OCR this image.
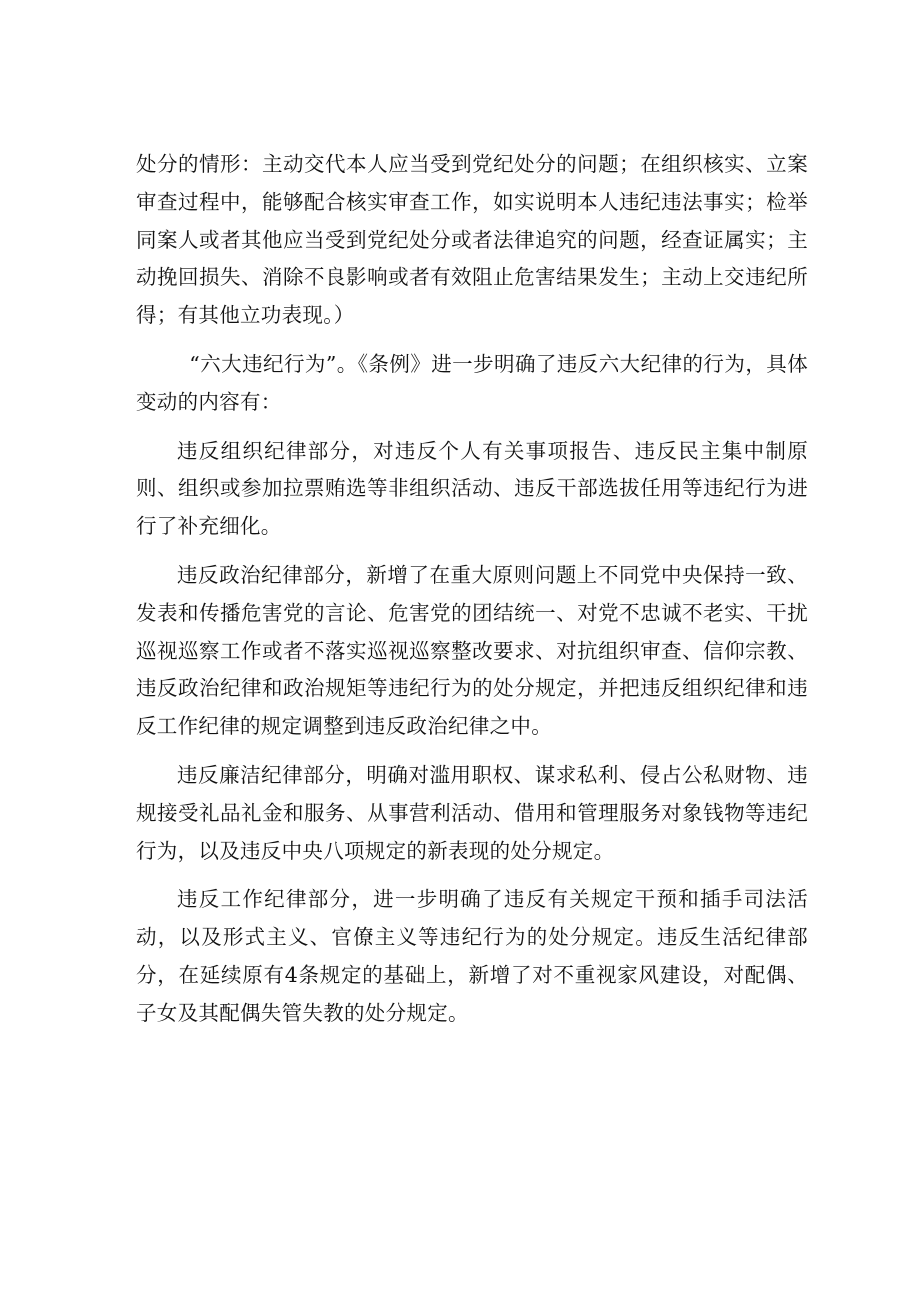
处分的情形：主动交代本人应当受到党纪处分的问题；在组织核实、立案审查过程中，能够配合核实审查工作，如实说明本人违纪违法事实；检举同案人或者其他应当受到党纪处分或者法律追究的问题，经查证属实；主动挽回损失、消除不良影响或者有效阻止危害结果发生；主动上交违纪所得；有其他立功表现。）

“六大违纪行为”。《条例》进一步明确了违反六大纪律的行为，具体变动的内容有：

违反组织纪律部分，对违反个人有关事项报告、违反民主集中制原则、组织或参加拉票贿选等非组织活动、违反干部选拔任用等违纪行为进行了补充细化。

违反政治纪律部分，新增了在重大原则问题上不同党中央保持一致、发表和传播危害党的言论、危害党的团结统一、对党不忠诚不老实、干扰巡视巡察工作或者不落实巡视巡察整改要求、对抗组织审查、信仰宗教、违反政治纪律和政治规矩等违纪行为的处分规定，并把违反组织纪律和违反工作纪律的规定调整到违反政治纪律之中。

违反廉洁纪律部分，明确对滥用职权、谋求私利、侵占公私财物、违规接受礼品礼金和服务、从事营利活动、借用和管理服务对象钱物等违纪行为，以及违反中央八项规定的新表现的处分规定。

违反工作纪律部分，进一步明确了违反有关规定干预和插手司法活动，以及形式主义、官僚主义等违纪行为的处分规定。违反生活纪律部分，在延续原有4条规定的基础上，新增了对不重视家风建设，对配偶、子女及其配偶失管失教的处分规定。
